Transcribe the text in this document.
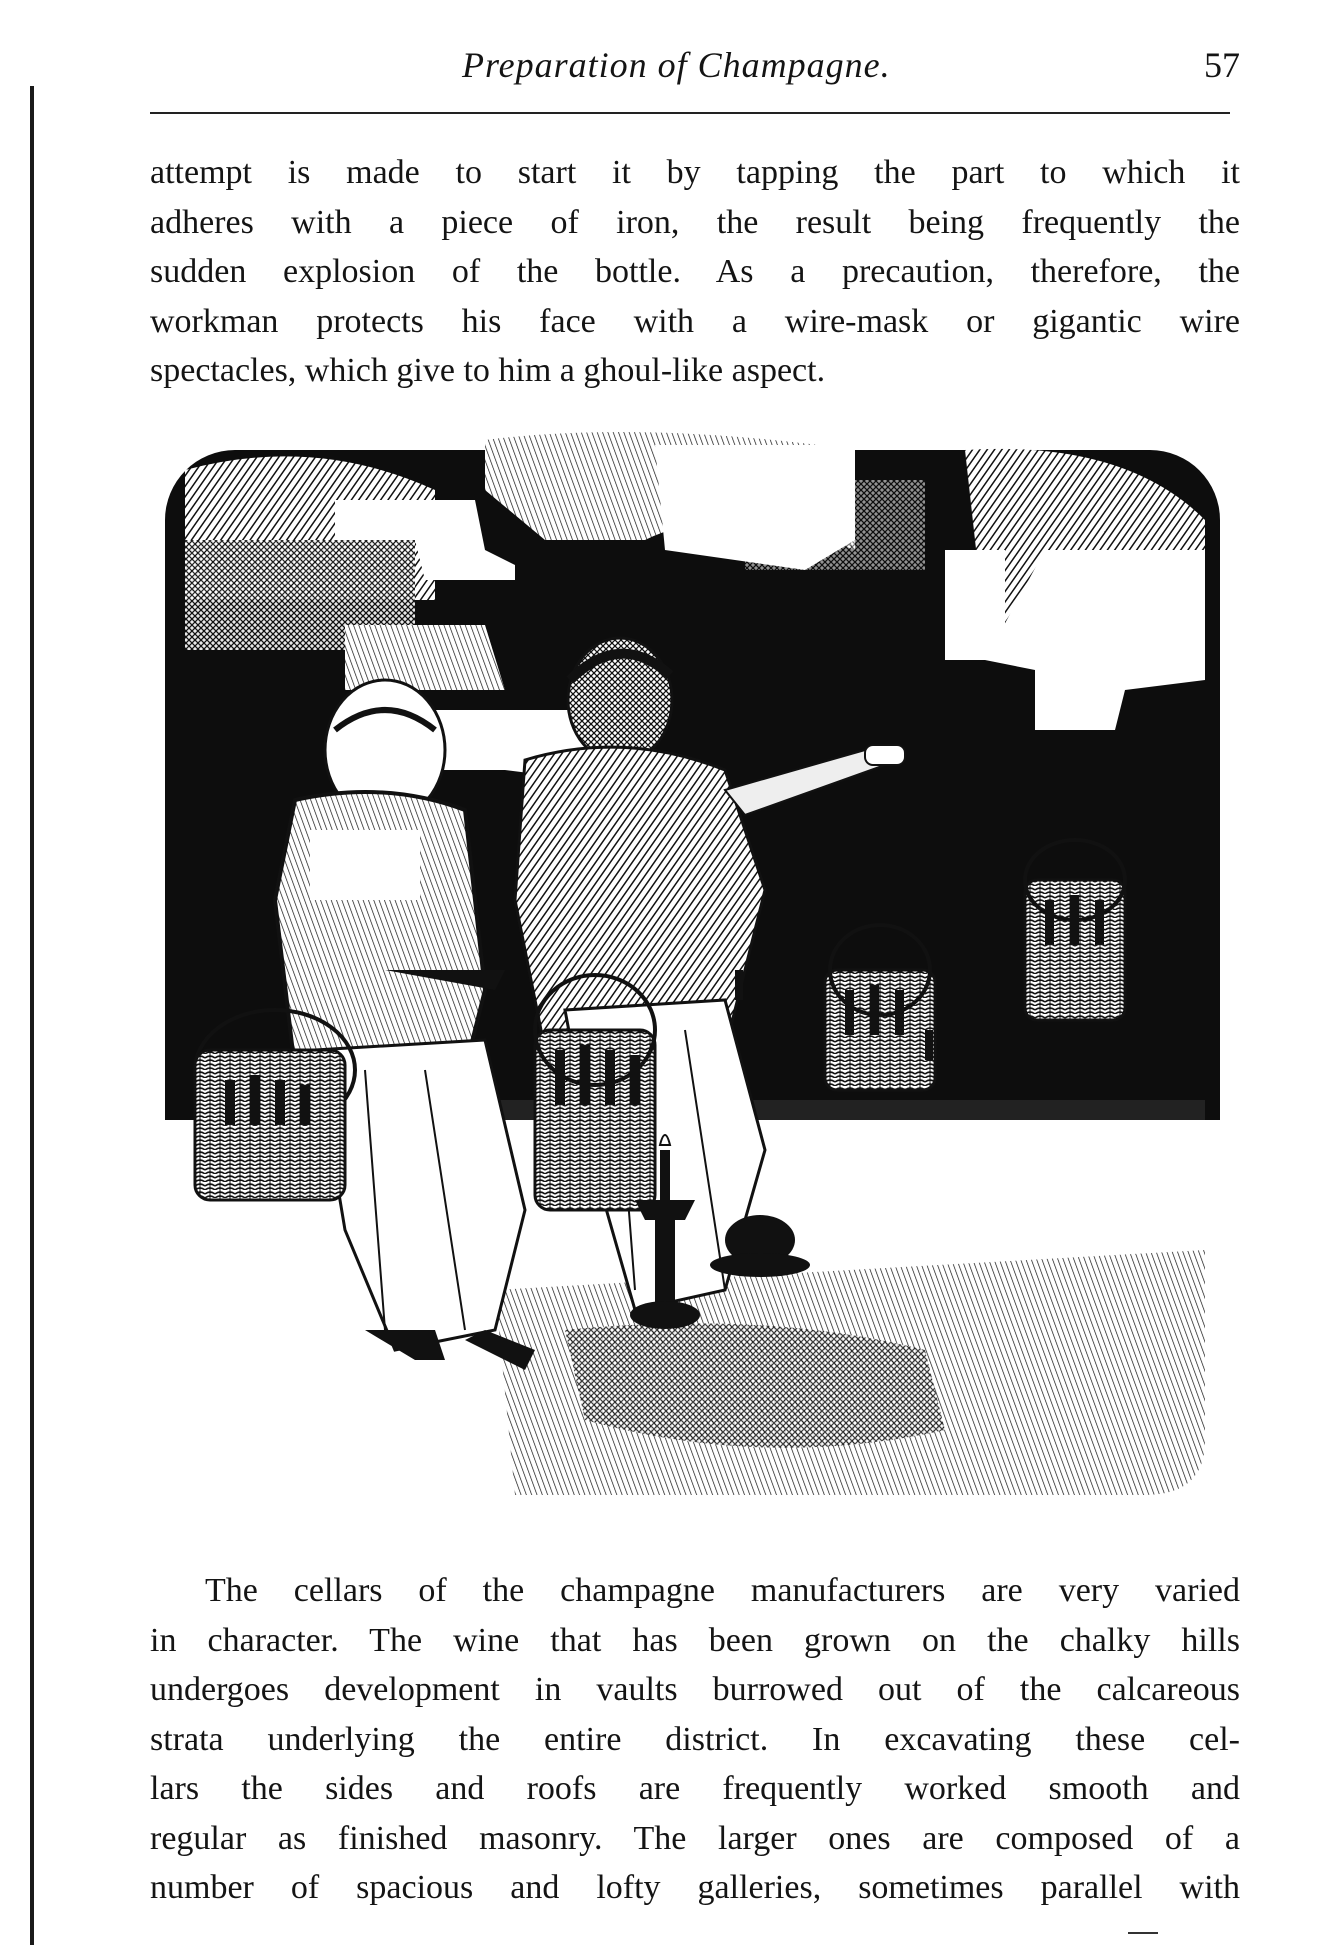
Preparation of Champagne.	57

attempt is made to start it by tapping the part to which it
adheres with a piece of iron, the result being frequently the
sudden explosion of the bottle. As a precaution, therefore, the
workman protects his face with a wire-mask or gigantic wire
spectacles, which give to him a ghoul-like aspect.

The cellars of the champagne manufacturers are very varied
in character. The wine that has been grown on the chalky hills
undergoes development in vaults burrowed out of the calcareous
strata underlying the entire district. In excavating these cel-
lars the sides and roofs are frequently worked smooth and
regular as finished masonry. The larger ones are composed of a
number of spacious and lofty galleries, sometimes parallel with
